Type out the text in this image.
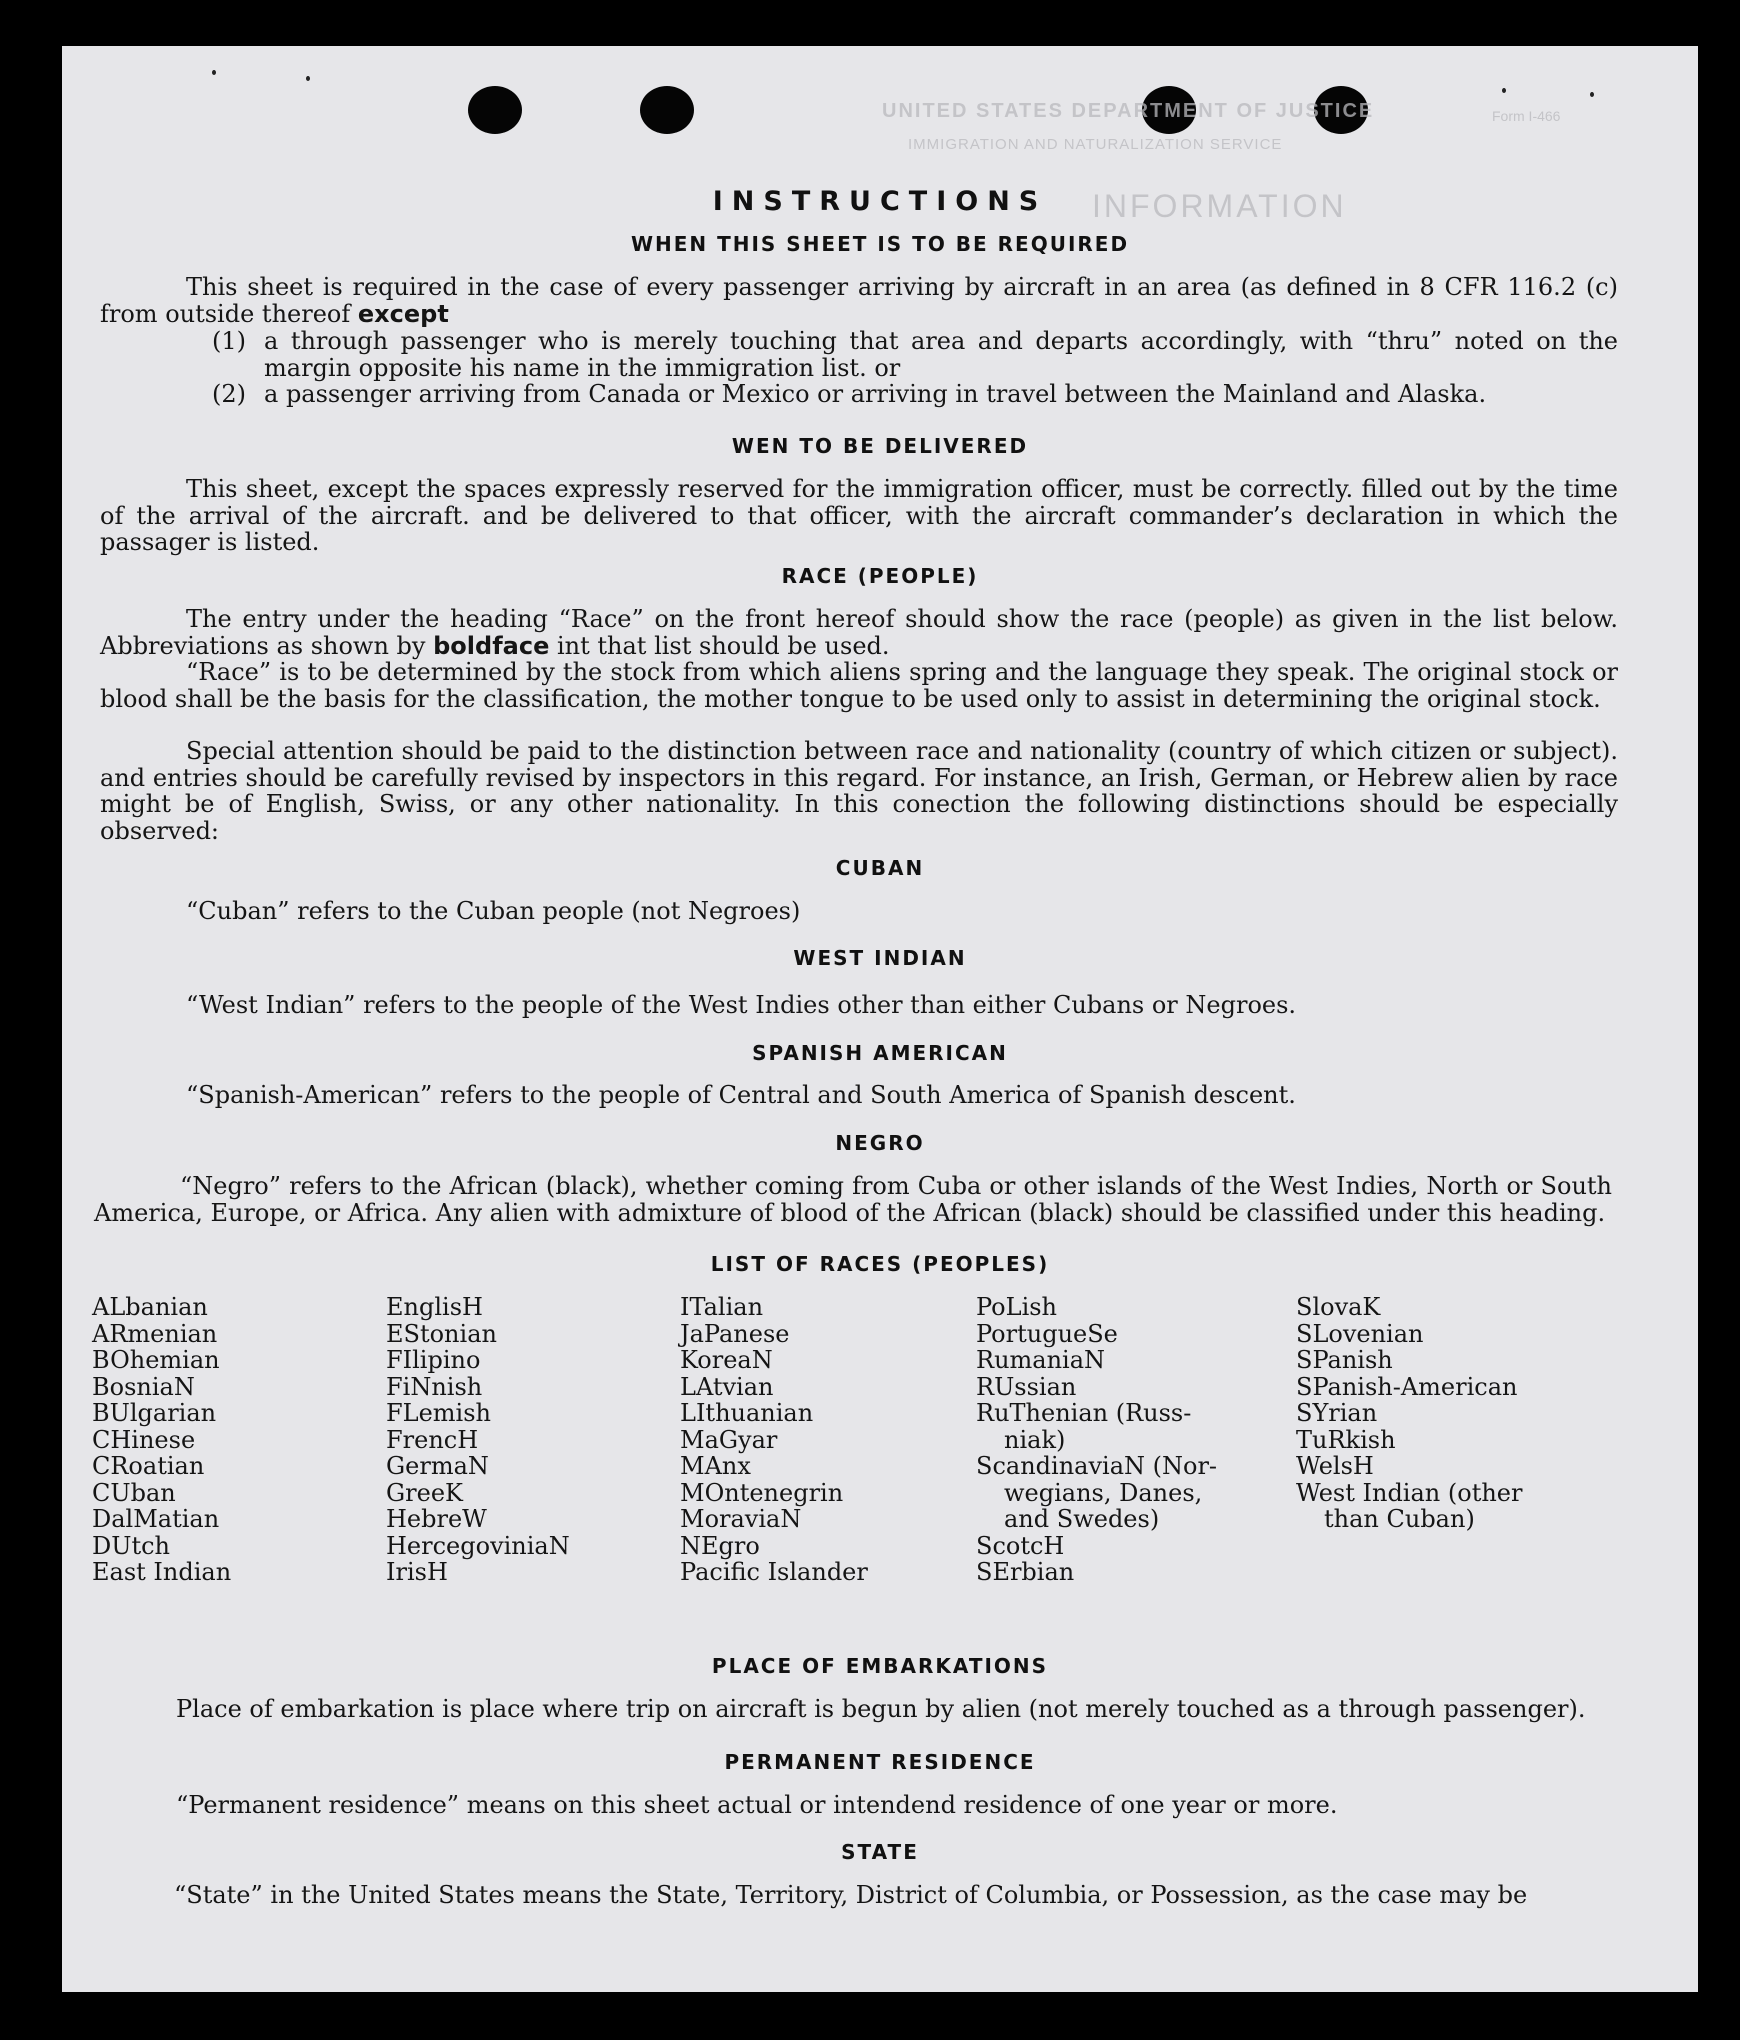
UNITED STATES DEPARTMENT OF JUSTICE
IMMIGRATION AND NATURALIZATION SERVICE
Form I-466
INFORMATION
INSTRUCTIONS
WHEN THIS SHEET IS TO BE REQUIRED
This sheet is required in the case of every passenger arriving by aircraft in an area (as defined in 8 CFR 116.2 (c) from outside thereof except
(1) a through passenger who is merely touching that area and departs accordingly, with “thru” noted on the margin opposite his name in the immigration list. or
(2) a passenger arriving from Canada or Mexico or arriving in travel between the Mainland and Alaska.
WEN TO BE DELIVERED
This sheet, except the spaces expressly reserved for the immigration officer, must be correctly. filled out by the time of the arrival of the aircraft. and be delivered to that officer, with the aircraft commander’s declaration in which the passager is listed.
RACE (PEOPLE)
The entry under the heading “Race” on the front hereof should show the race (people) as given in the list below. Abbreviations as shown by boldface int that list should be used.
“Race” is to be determined by the stock from which aliens spring and the language they speak. The original stock or blood shall be the basis for the classification, the mother tongue to be used only to assist in determining the original stock.
Special attention should be paid to the distinction between race and nationality (country of which citizen or subject). and entries should be carefully revised by inspectors in this regard. For instance, an Irish, German, or Hebrew alien by race might be of English, Swiss, or any other nationality. In this conection the following distinctions should be especially observed:
CUBAN
“Cuban” refers to the Cuban people (not Negroes)
WEST INDIAN
“West Indian” refers to the people of the West Indies other than either Cubans or Negroes.
SPANISH AMERICAN
“Spanish-American” refers to the people of Central and South America of Spanish descent.
NEGRO
“Negro” refers to the African (black), whether coming from Cuba or other islands of the West Indies, North or South America, Europe, or Africa. Any alien with admixture of blood of the African (black) should be classified under this heading.
LIST OF RACES (PEOPLES)
ALbanian
ARmenian
BOhemian
BosniaN
BUlgarian
CHinese
CRoatian
CUban
DalMatian
DUtch
East Indian
EnglisH
EStonian
FIlipino
FiNnish
FLemish
FrencH
GermaN
GreeK
HebreW
HercegovinіaN
IrisH
ITalian
JaPanese
KoreaN
LAtvian
LIthuanian
MaGyar
MAnx
MOntenegrin
MoraviaN
NEgro
Pacific Islander
PoLish
PortugueSe
RumaniaN
RUssian
RuThenian (Russ-
niak)
ScandinaviaN (Nor-
wegians, Danes,
and Swedes)
ScotcH
SErbian
SlovaK
SLovenian
SPanish
SPanish-American
SYrian
TuRkish
WelsH
West Indian (other
than Cuban)
PLACE OF EMBARKATIONS
Place of embarkation is place where trip on aircraft is begun by alien (not merely touched as a through passenger).
PERMANENT RESIDENCE
“Permanent residence” means on this sheet actual or intendend residence of one year or more.
STATE
“State” in the United States means the State, Territory, District of Columbia, or Possession, as the case may be
